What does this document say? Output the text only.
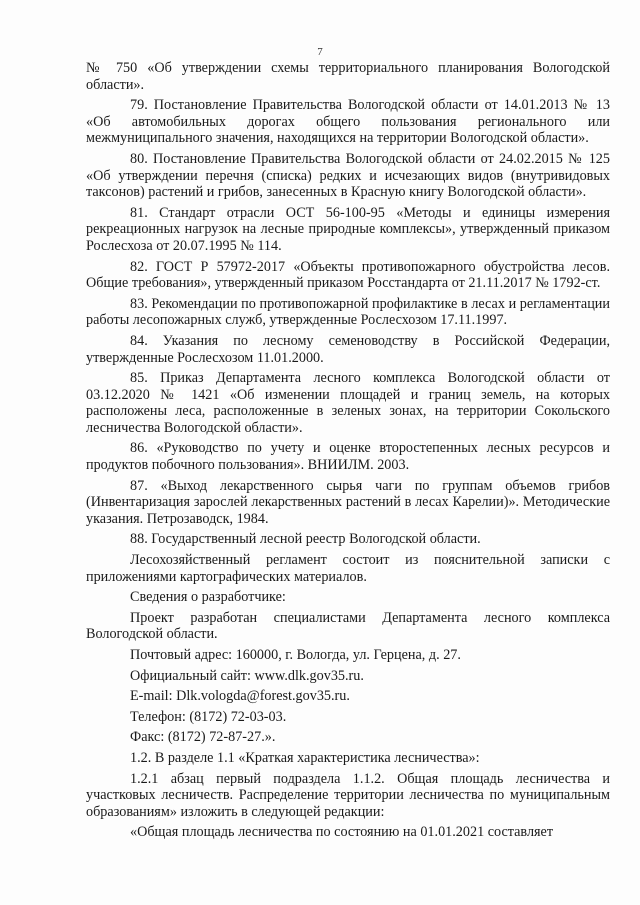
7

№ 750 «Об утверждении схемы территориального планирования Вологодской области».

79. Постановление Правительства Вологодской области от 14.01.2013 № 13 «Об автомобильных дорогах общего пользования регионального или межмуниципального значения, находящихся на территории Вологодской области».

80. Постановление Правительства Вологодской области от 24.02.2015 № 125 «Об утверждении перечня (списка) редких и исчезающих видов (внутривидовых таксонов) растений и грибов, занесенных в Красную книгу Вологодской области».

81. Стандарт отрасли ОСТ 56-100-95 «Методы и единицы измерения рекреационных нагрузок на лесные природные комплексы», утвержденный приказом Рослесхоза от 20.07.1995 № 114.

82. ГОСТ Р 57972-2017 «Объекты противопожарного обустройства лесов. Общие требования», утвержденный приказом Росстандарта от 21.11.2017 № 1792-ст.

83. Рекомендации по противопожарной профилактике в лесах и регламентации работы лесопожарных служб, утвержденные Рослесхозом 17.11.1997.

84. Указания по лесному семеноводству в Российской Федерации, утвержденные Рослесхозом 11.01.2000.

85. Приказ Департамента лесного комплекса Вологодской области от 03.12.2020 № 1421 «Об изменении площадей и границ земель, на которых расположены леса, расположенные в зеленых зонах, на территории Сокольского лесничества Вологодской области».

86. «Руководство по учету и оценке второстепенных лесных ресурсов и продуктов побочного пользования». ВНИИЛМ. 2003.

87. «Выход лекарственного сырья чаги по группам объемов грибов (Инвентаризация зарослей лекарственных растений в лесах Карелии)». Методические указания. Петрозаводск, 1984.

88. Государственный лесной реестр Вологодской области.

Лесохозяйственный регламент состоит из пояснительной записки с приложениями картографических материалов.

Сведения о разработчике:

Проект разработан специалистами Департамента лесного комплекса Вологодской области.

Почтовый адрес: 160000, г. Вологда, ул. Герцена, д. 27.

Официальный сайт: www.dlk.gov35.ru.

E-mail: Dlk.vologda@forest.gov35.ru.

Телефон: (8172) 72-03-03.

Факс: (8172) 72-87-27.».

1.2. В разделе 1.1 «Краткая характеристика лесничества»:

1.2.1 абзац первый подраздела 1.1.2. Общая площадь лесничества и участковых лесничеств. Распределение территории лесничества по муниципальным образованиям» изложить в следующей редакции:

«Общая площадь лесничества по состоянию на 01.01.2021 составляет
